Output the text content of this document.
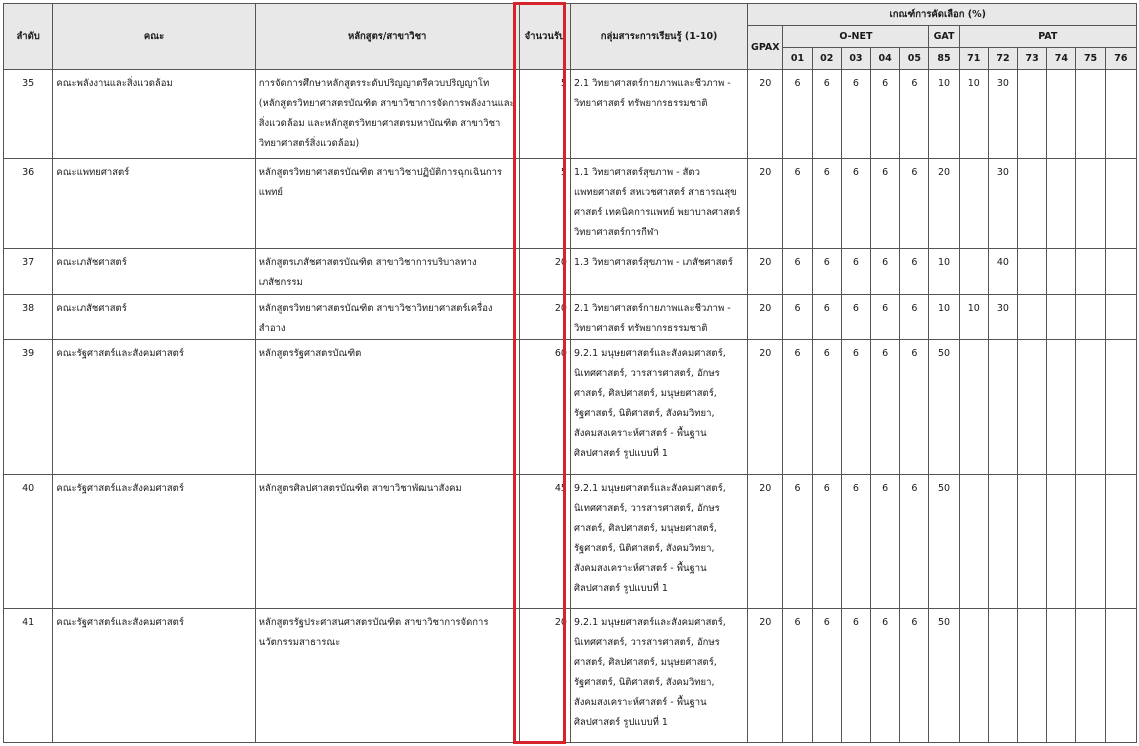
ลำดับ	คณะ	หลักสูตร/สาขาวิชา	จำนวนรับ	กลุ่มสาระการเรียนรู้ (1-10)	เกณฑ์การคัดเลือก (%)												
					GPAX	O-NET					GAT	PAT					
						01	02	03	04	05	85	71	72	73	74	75	76
35	คณะพลังงานและสิ่งแวดล้อม	การจัดการศึกษาหลักสูตรระดับปริญญาตรีควบปริญญาโท (หลักสูตรวิทยาศาสตรบัณฑิต สาขาวิชาการจัดการพลังงานและสิ่งแวดล้อม และหลักสูตรวิทยาศาสตรมหาบัณฑิต สาขาวิชาวิทยาศาสตร์สิ่งแวดล้อม)	5	2.1 วิทยาศาสตร์กายภาพและชีวภาพ - วิทยาศาสตร์ ทรัพยากรธรรมชาติ	20	6	6	6	6	6	10	10	30				
36	คณะแพทยศาสตร์	หลักสูตรวิทยาศาสตรบัณฑิต สาขาวิชาปฏิบัติการฉุกเฉินการแพทย์	5	1.1 วิทยาศาสตร์สุขภาพ - สัตวแพทยศาสตร์ สหเวชศาสตร์ สาธารณสุขศาสตร์ เทคนิคการแพทย์ พยาบาลศาสตร์ วิทยาศาสตร์การกีฬา	20	6	6	6	6	6	20		30				
37	คณะเภสัชศาสตร์	หลักสูตรเภสัชศาสตรบัณฑิต สาขาวิชาการบริบาลทางเภสัชกรรม	20	1.3 วิทยาศาสตร์สุขภาพ - เภสัชศาสตร์	20	6	6	6	6	6	10		40				
38	คณะเภสัชศาสตร์	หลักสูตรวิทยาศาสตรบัณฑิต สาขาวิชาวิทยาศาสตร์เครื่องสำอาง	20	2.1 วิทยาศาสตร์กายภาพและชีวภาพ - วิทยาศาสตร์ ทรัพยากรธรรมชาติ	20	6	6	6	6	6	10	10	30				
39	คณะรัฐศาสตร์และสังคมศาสตร์	หลักสูตรรัฐศาสตรบัณฑิต	60	9.2.1 มนุษยศาสตร์และสังคมศาสตร์, นิเทศศาสตร์, วารสารศาสตร์, อักษรศาสตร์, ศิลปศาสตร์, มนุษยศาสตร์, รัฐศาสตร์, นิติศาสตร์, สังคมวิทยา, สังคมสงเคราะห์ศาสตร์ - พื้นฐานศิลปศาสตร์ รูปแบบที่ 1	20	6	6	6	6	6	50						
40	คณะรัฐศาสตร์และสังคมศาสตร์	หลักสูตรศิลปศาสตรบัณฑิต สาขาวิชาพัฒนาสังคม	45	9.2.1 มนุษยศาสตร์และสังคมศาสตร์, นิเทศศาสตร์, วารสารศาสตร์, อักษรศาสตร์, ศิลปศาสตร์, มนุษยศาสตร์, รัฐศาสตร์, นิติศาสตร์, สังคมวิทยา, สังคมสงเคราะห์ศาสตร์ - พื้นฐานศิลปศาสตร์ รูปแบบที่ 1	20	6	6	6	6	6	50						
41	คณะรัฐศาสตร์และสังคมศาสตร์	หลักสูตรรัฐประศาสนศาสตรบัณฑิต สาขาวิชาการจัดการนวัตกรรมสาธารณะ	20	9.2.1 มนุษยศาสตร์และสังคมศาสตร์, นิเทศศาสตร์, วารสารศาสตร์, อักษรศาสตร์, ศิลปศาสตร์, มนุษยศาสตร์, รัฐศาสตร์, นิติศาสตร์, สังคมวิทยา, สังคมสงเคราะห์ศาสตร์ - พื้นฐานศิลปศาสตร์ รูปแบบที่ 1	20	6	6	6	6	6	50						
